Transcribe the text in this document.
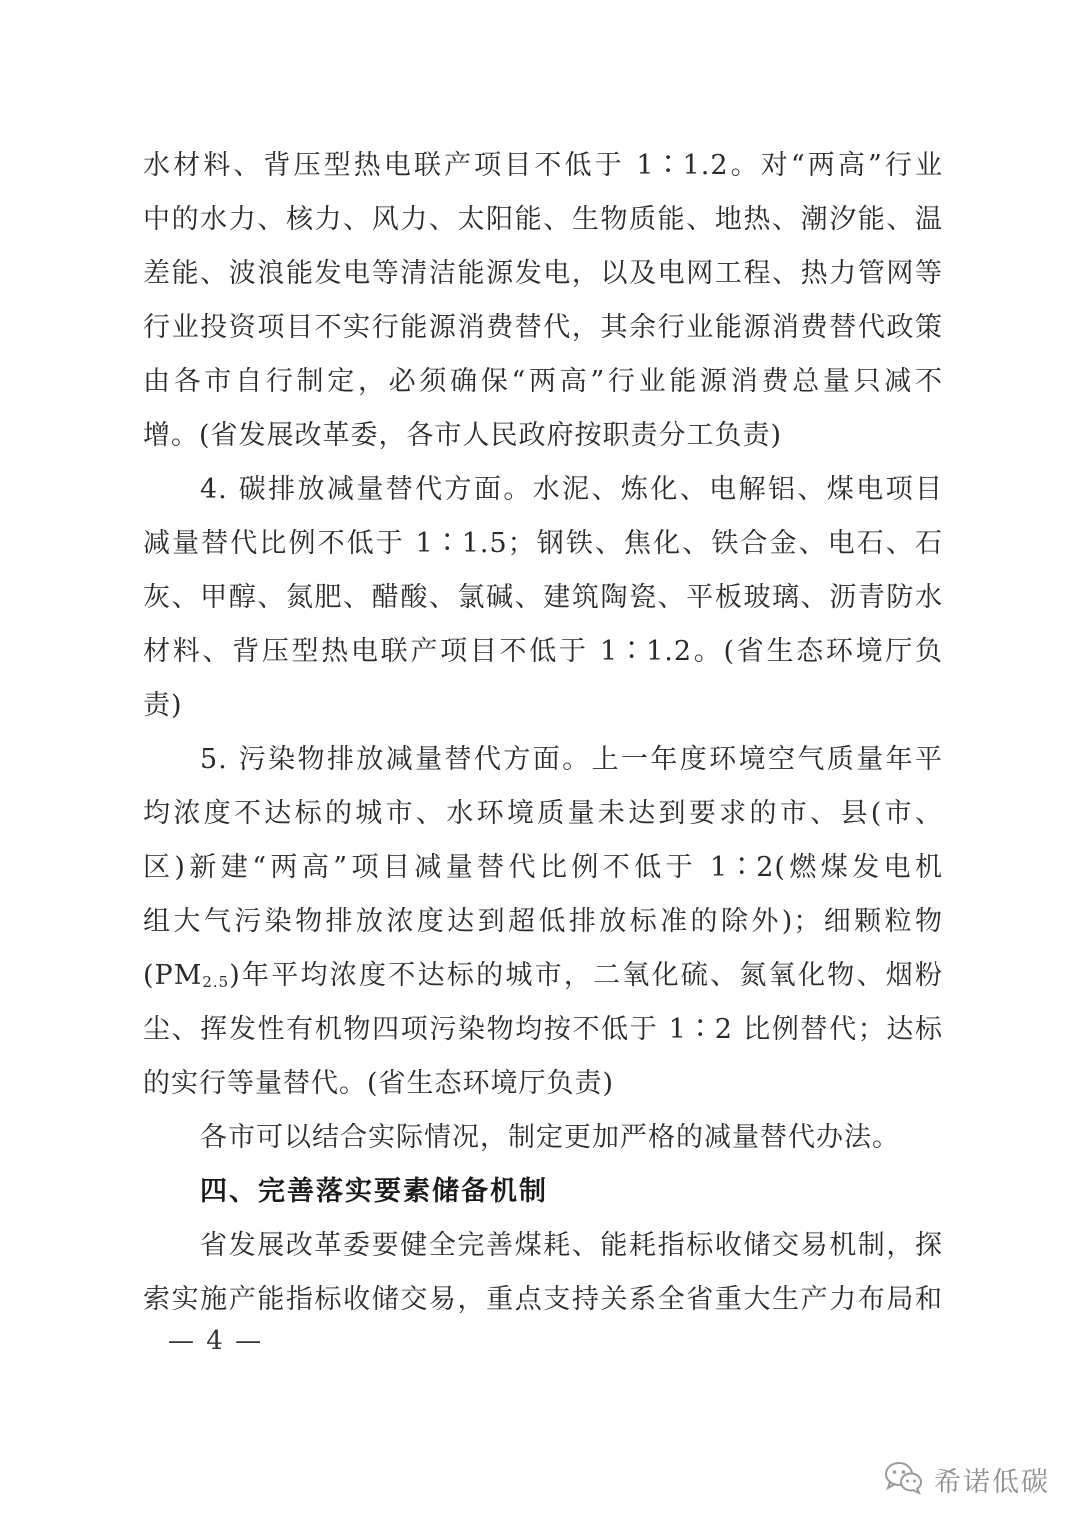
水材料、背压型热电联产项目不低于 1∶1.2。对“两高”行业
中的水力、核力、风力、太阳能、生物质能、地热、潮汐能、温
差能、波浪能发电等清洁能源发电，以及电网工程、热力管网等
行业投资项目不实行能源消费替代，其余行业能源消费替代政策
由各市自行制定，必须确保“两高”行业能源消费总量只减不
增。(省发展改革委，各市人民政府按职责分工负责)
4. 碳排放减量替代方面。水泥、炼化、电解铝、煤电项目
减量替代比例不低于 1∶1.5；钢铁、焦化、铁合金、电石、石
灰、甲醇、氮肥、醋酸、氯碱、建筑陶瓷、平板玻璃、沥青防水
材料、背压型热电联产项目不低于 1∶1.2。(省生态环境厅负
责)
5. 污染物排放减量替代方面。上一年度环境空气质量年平
均浓度不达标的城市、水环境质量未达到要求的市、县(市、
区)新建“两高”项目减量替代比例不低于 1∶2(燃煤发电机
组大气污染物排放浓度达到超低排放标准的除外)；细颗粒物
$(PM_{2.5})$年平均浓度不达标的城市，二氧化硫、氮氧化物、烟粉
尘、挥发性有机物四项污染物均按不低于 1∶2 比例替代；达标
的实行等量替代。(省生态环境厅负责)
各市可以结合实际情况，制定更加严格的减量替代办法。
四、完善落实要素储备机制
省发展改革委要健全完善煤耗、能耗指标收储交易机制，探
索实施产能指标收储交易，重点支持关系全省重大生产力布局和
— 4 —
希诺低碳
